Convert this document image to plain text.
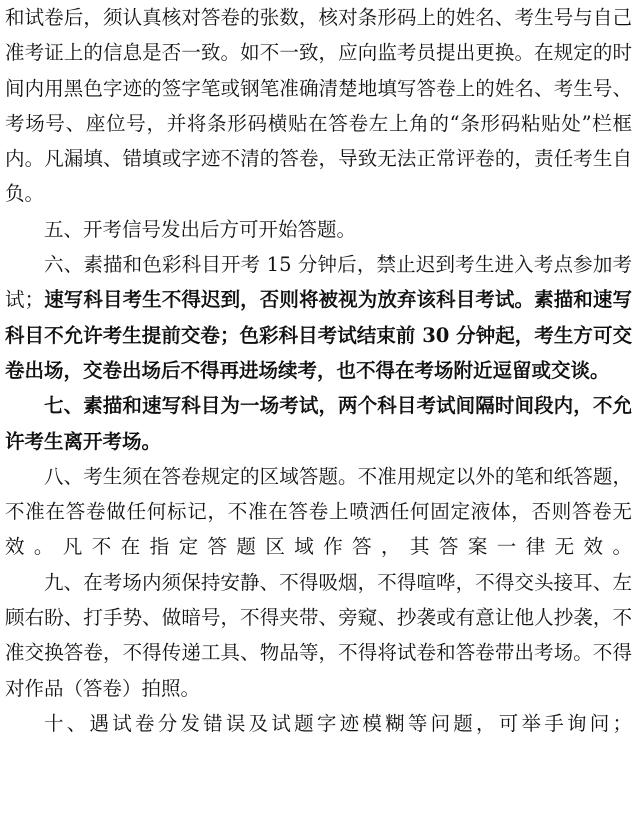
和试卷后，须认真核对答卷的张数，核对条形码上的姓名、考生号与自己准考证上的信息是否一致。如不一致，应向监考员提出更换。在规定的时间内用黑色字迹的签字笔或钢笔准确清楚地填写答卷上的姓名、考生号、考场号、座位号，并将条形码横贴在答卷左上角的“条形码粘贴处”栏框内。凡漏填、错填或字迹不清的答卷，导致无法正常评卷的，责任考生自负。

五、开考信号发出后方可开始答题。

六、素描和色彩科目开考 15 分钟后，禁止迟到考生进入考点参加考试；速写科目考生不得迟到，否则将被视为放弃该科目考试。素描和速写科目不允许考生提前交卷；色彩科目考试结束前 30 分钟起，考生方可交卷出场，交卷出场后不得再进场续考，也不得在考场附近逗留或交谈。

七、素描和速写科目为一场考试，两个科目考试间隔时间段内，不允许考生离开考场。

八、考生须在答卷规定的区域答题。不准用规定以外的笔和纸答题，不准在答卷做任何标记，不准在答卷上喷洒任何固定液体，否则答卷无效。凡不在指定答题区域作答，其答案一律无效。

九、在考场内须保持安静、不得吸烟，不得喧哗，不得交头接耳、左顾右盼、打手势、做暗号，不得夹带、旁窥、抄袭或有意让他人抄袭，不准交换答卷，不得传递工具、物品等，不得将试卷和答卷带出考场。不得对作品（答卷）拍照。

十、遇试卷分发错误及试题字迹模糊等问题，可举手询问；
